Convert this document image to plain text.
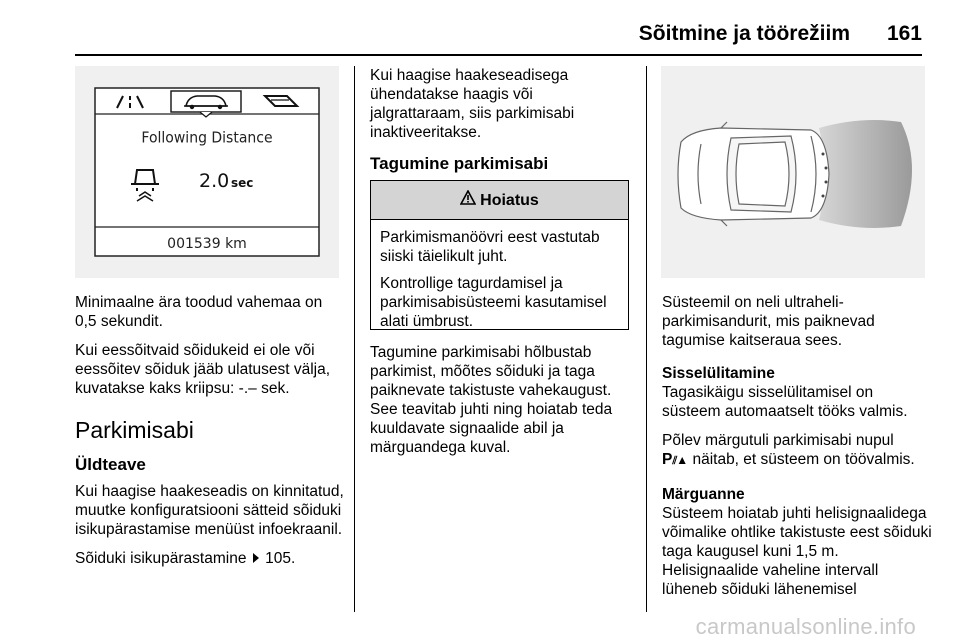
Sõitmine ja töörežiim 161
Following Distance
2.0 sec
001539 km

Minimaalne ära toodud vahemaa on 0,5 sekundit.

Kui eessõitvaid sõidukeid ei ole või eessõitev sõiduk jääb ulatusest välja, kuvatakse kaks kriipsu: -.– sek.

Parkimisabi
Üldteave

Kui haagise haakeseadis on kinnitatud, muutke konfiguratsiooni sätteid sõiduki isikupärastamise menüüst infoekraanil.

Sõiduki isikupärastamine 105.

Kui haagise haakeseadisega ühendatakse haagis või jalgrattaraam, siis parkimisabi inaktiveeritakse.

Tagumine parkimisabi
Hoiatus

Parkimismanöövri eest vastutab siiski täielikult juht.

Kontrollige tagurdamisel ja parkimisabisüsteemi kasutamisel alati ümbrust.

Tagumine parkimisabi hõlbustab parkimist, mõõtes sõiduki ja taga paiknevate takistuste vahekaugust. See teavitab juhti ning hoiatab teda kuuldavate signaalide abil ja märguandega kuval.

Süsteemil on neli ultraheli-parkimisandurit, mis paiknevad tagumise kaitseraua sees.

Sisselülitamine

Tagasikäigu sisselülitamisel on süsteem automaatselt tööks valmis.

Põlev märgutuli parkimisabi nupul
P⫽▲ näitab, et süsteem on töövalmis.

Märguanne

Süsteem hoiatab juhti helisignaalidega võimalike ohtlike takistuste eest sõiduki taga kaugusel kuni 1,5 m. Helisignaalide vaheline intervall lüheneb sõiduki lähenemisel

carmanualsonline.info
